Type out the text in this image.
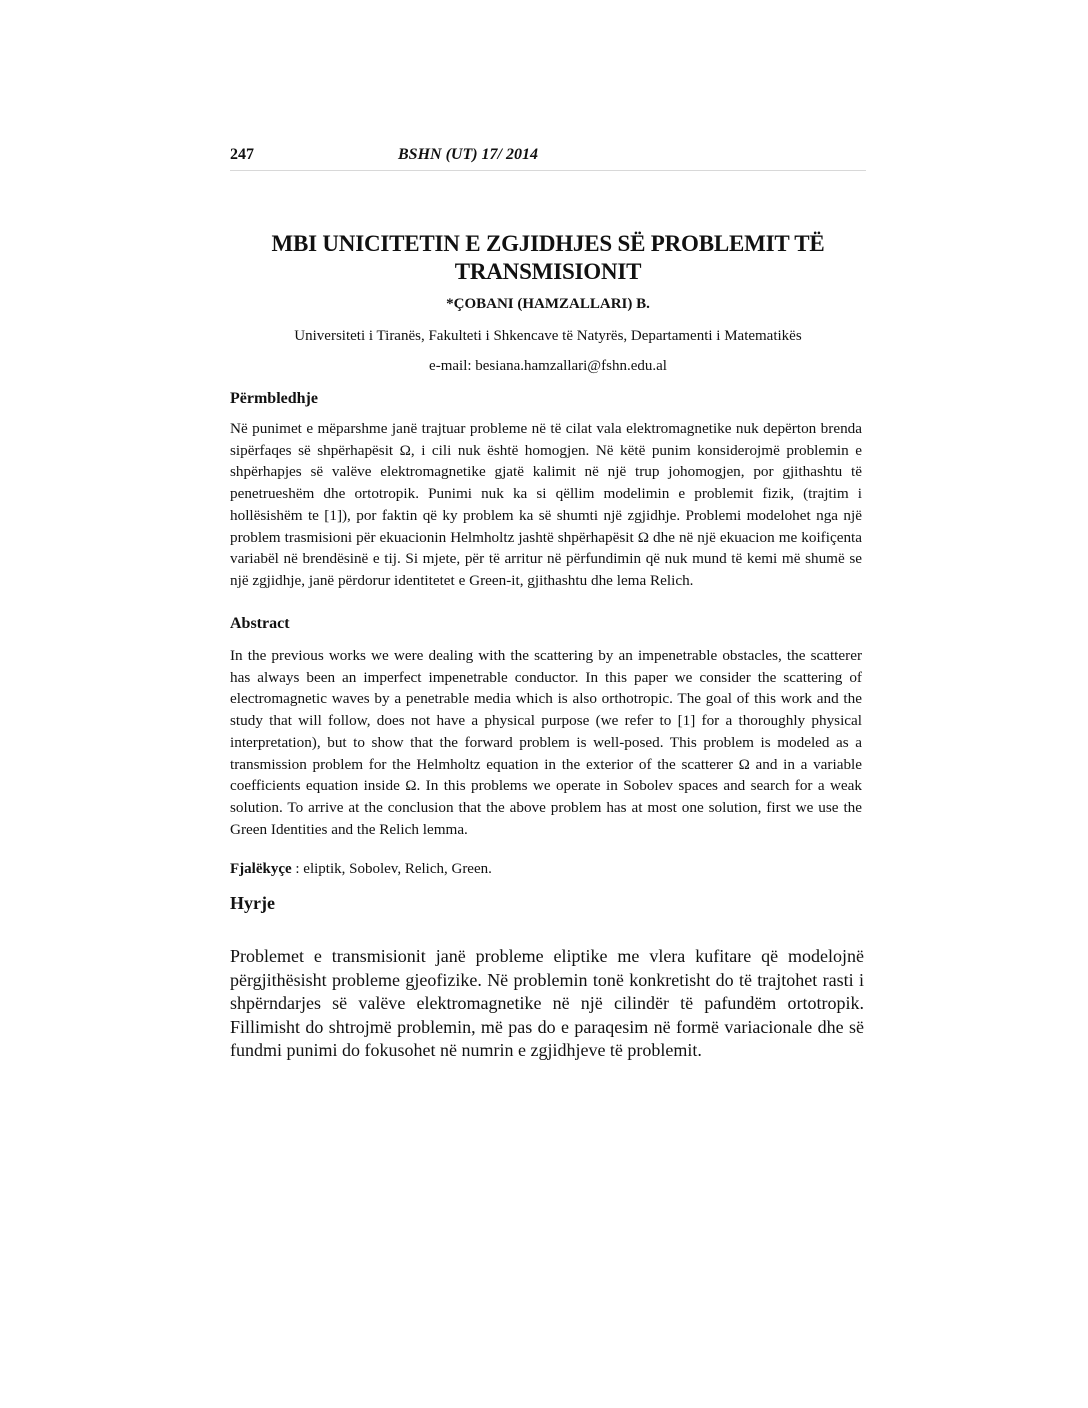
247	BSHN (UT) 17/ 2014
MBI UNICITETIN E ZGJIDHJES SË PROBLEMIT TË TRANSMISIONIT
*ÇOBANI (HAMZALLARI) B.
Universiteti i Tiranës, Fakulteti i Shkencave të Natyrës, Departamenti i Matematikës
e-mail: besiana.hamzallari@fshn.edu.al
Përmbledhje
Në punimet e mëparshme janë trajtuar probleme në të cilat vala elektromagnetike nuk depërton brenda sipërfaqes së shpërhapësit Ω, i cili nuk është homogjen. Në këtë punim konsiderojmë problemin e shpërhapjes së valëve elektromagnetike gjatë kalimit në një trup johomogjen, por gjithashtu të penetrueshëm dhe ortotropik. Punimi nuk ka si qëllim modelimin e problemit fizik, (trajtim i hollësishëm te [1]), por faktin që ky problem ka së shumti një zgjidhje. Problemi modelohet nga një problem trasmisioni për ekuacionin Helmholtz jashtë shpërhapësit Ω dhe në një ekuacion me koifiçenta variabël në brendësinë e tij. Si mjete, për të arritur në përfundimin që nuk mund të kemi më shumë se një zgjidhje, janë përdorur identitetet e Green-it, gjithashtu dhe lema Relich.
Abstract
In the previous works we were dealing with the scattering by an impenetrable obstacles, the scatterer has always been an imperfect impenetrable conductor. In this paper we consider the scattering of electromagnetic waves by a penetrable media which is also orthotropic. The goal of this work and the study that will follow, does not have a physical purpose (we refer to [1] for a thoroughly physical interpretation), but to show that the forward problem is well-posed. This problem is modeled as a transmission problem for the Helmholtz equation in the exterior of the scatterer Ω and in a variable coefficients equation inside Ω. In this problems we operate in Sobolev spaces and search for a weak solution. To arrive at the conclusion that the above problem has at most one solution, first we use the Green Identities and the Relich lemma.
Fjalëkyçe : eliptik, Sobolev, Relich, Green.
Hyrje
Problemet e transmisionit janë probleme eliptike me vlera kufitare që modelojnë përgjithësisht probleme gjeofizike. Në problemin tonë konkretisht do të trajtohet rasti i shpërndarjes së valëve elektromagnetike në një cilindër të pafundëm ortotropik. Fillimisht do shtrojmë problemin, më pas do e paraqesim në formë variacionale dhe së fundmi punimi do fokusohet në numrin e zgjidhjeve të problemit.
